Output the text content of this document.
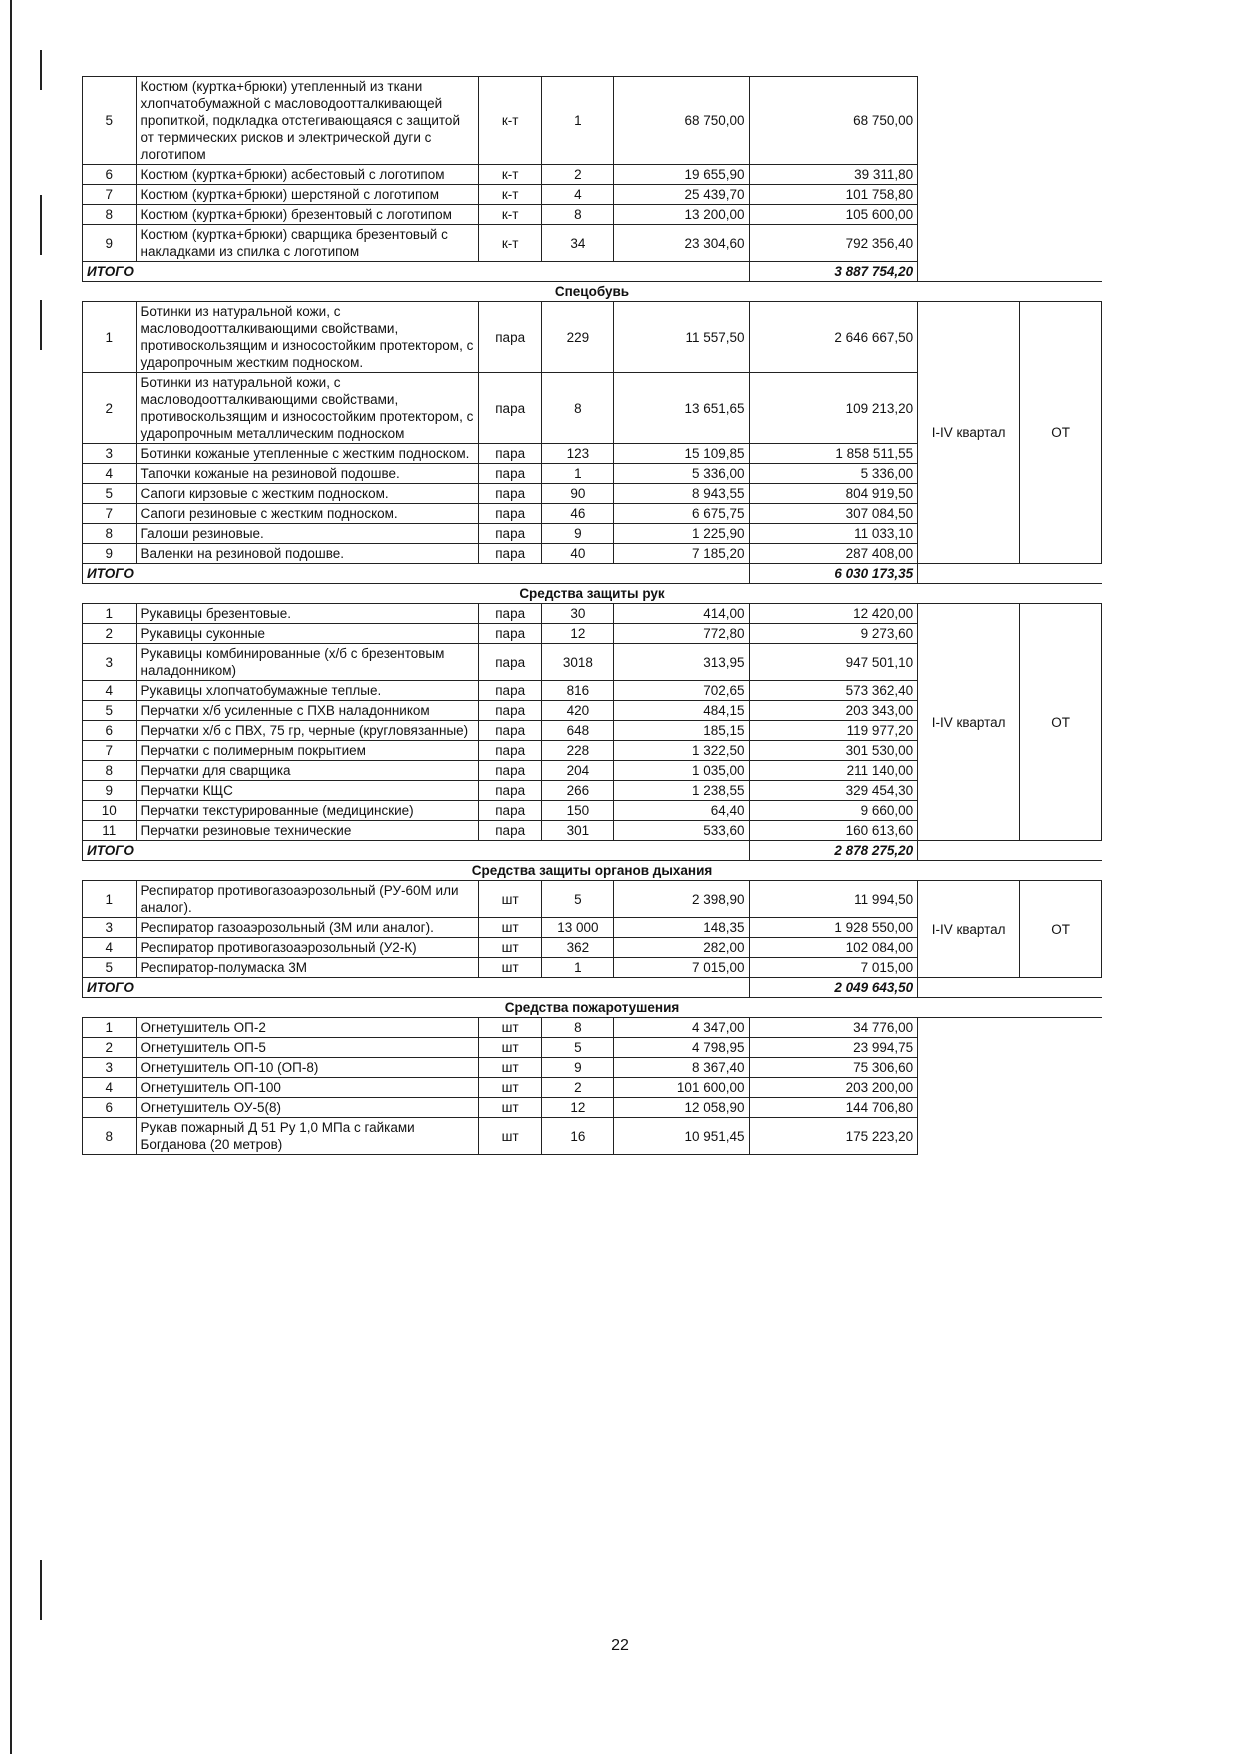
5	Костюм (куртка+брюки) утепленный из ткани хлопчатобумажной с масловодоотталкивающей пропиткой, подкладка отстегивающаяся с защитой от термических рисков и электрической дуги с логотипом	к-т	1	68 750,00	68 750,00		
6	Костюм (куртка+брюки) асбестовый с логотипом	к-т	2	19 655,90	39 311,80		
7	Костюм (куртка+брюки) шерстяной с логотипом	к-т	4	25 439,70	101 758,80		
8	Костюм (куртка+брюки) брезентовый с логотипом	к-т	8	13 200,00	105 600,00		
9	Костюм (куртка+брюки) сварщика брезентовый с накладками из спилка с логотипом	к-т	34	23 304,60	792 356,40		
ИТОГО					3 887 754,20		
Спецобувь							
1	Ботинки из натуральной кожи, с масловодоотталкивающими свойствами, противоскользящим и износостойким протектором, с ударопрочным жестким подноском.	пара	229	11 557,50	2 646 667,50	I-IV квартал	ОТ
2	Ботинки из натуральной кожи, с масловодоотталкивающими свойствами, противоскользящим и износостойким протектором, с ударопрочным металлическим подноском	пара	8	13 651,65	109 213,20		
3	Ботинки кожаные утепленные с жестким подноском.	пара	123	15 109,85	1 858 511,55		
4	Тапочки кожаные на резиновой подошве.	пара	1	5 336,00	5 336,00		
5	Сапоги кирзовые с жестким подноском.	пара	90	8 943,55	804 919,50		
7	Сапоги резиновые с жестким подноском.	пара	46	6 675,75	307 084,50		
8	Галоши резиновые.	пара	9	1 225,90	11 033,10		
9	Валенки на резиновой подошве.	пара	40	7 185,20	287 408,00		
ИТОГО					6 030 173,35		
Средства защиты рук							
1	Рукавицы брезентовые.	пара	30	414,00	12 420,00	I-IV квартал	ОТ
2	Рукавицы суконные	пара	12	772,80	9 273,60		
3	Рукавицы комбинированные (х/б с брезентовым наладонником)	пара	3018	313,95	947 501,10		
4	Рукавицы хлопчатобумажные теплые.	пара	816	702,65	573 362,40		
5	Перчатки х/б усиленные с ПХВ наладонником	пара	420	484,15	203 343,00		
6	Перчатки х/б с ПВХ, 75 гр, черные (кругловязанные)	пара	648	185,15	119 977,20		
7	Перчатки с полимерным покрытием	пара	228	1 322,50	301 530,00		
8	Перчатки для сварщика	пара	204	1 035,00	211 140,00		
9	Перчатки КЩС	пара	266	1 238,55	329 454,30		
10	Перчатки текстурированные (медицинские)	пара	150	64,40	9 660,00		
11	Перчатки резиновые технические	пара	301	533,60	160 613,60		
ИТОГО					2 878 275,20		
Средства защиты органов дыхания							
1	Респиратор противогазоаэрозольный (РУ-60М или аналог).	шт	5	2 398,90	11 994,50	I-IV квартал	ОТ
3	Респиратор газоаэрозольный (3М или аналог).	шт	13 000	148,35	1 928 550,00		
4	Респиратор противогазоаэрозольный (У2-К)	шт	362	282,00	102 084,00		
5	Респиратор-полумаска 3М	шт	1	7 015,00	7 015,00		
ИТОГО					2 049 643,50		
Средства пожаротушения							
1	Огнетушитель ОП-2	шт	8	4 347,00	34 776,00		
2	Огнетушитель ОП-5	шт	5	4 798,95	23 994,75		
3	Огнетушитель ОП-10 (ОП-8)	шт	9	8 367,40	75 306,60		
4	Огнетушитель ОП-100	шт	2	101 600,00	203 200,00		
6	Огнетушитель ОУ-5(8)	шт	12	12 058,90	144 706,80		
8	Рукав пожарный Д 51 Ру 1,0 МПа с гайками Богданова (20 метров)	шт	16	10 951,45	175 223,20		
22
